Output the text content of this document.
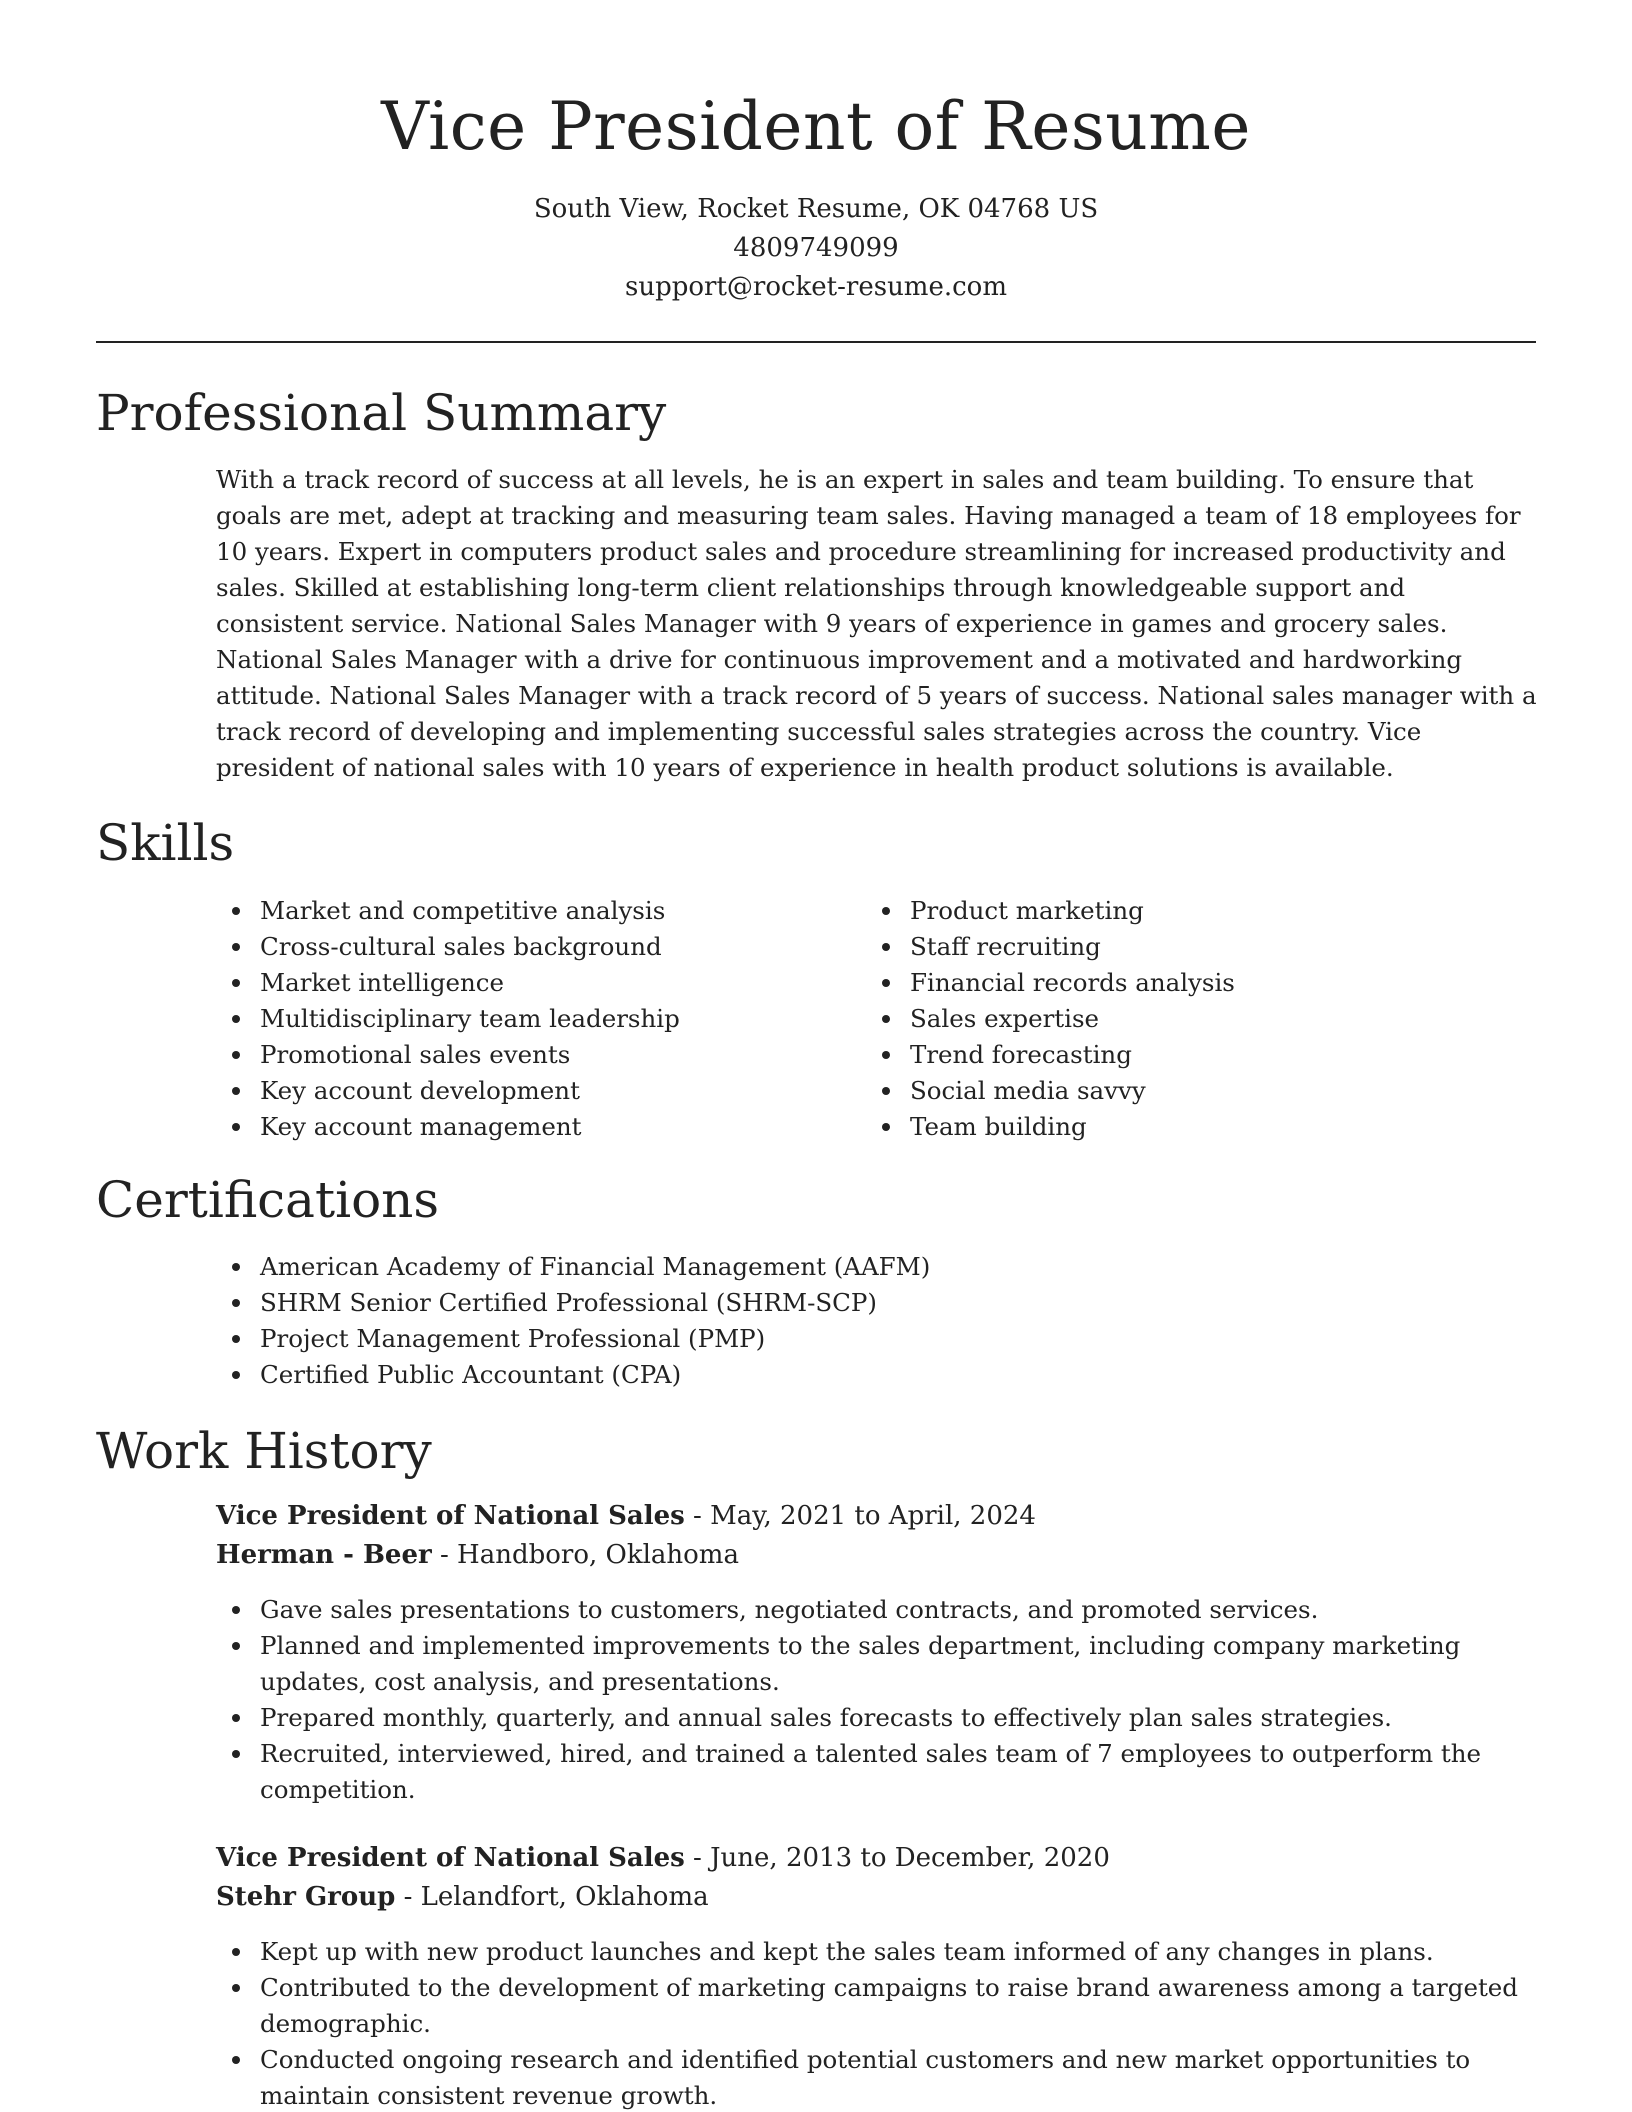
Vice President of Resume
South View, Rocket Resume, OK 04768 US
4809749099
support@rocket-resume.com
Professional Summary

With a track record of success at all levels, he is an expert in sales and team building. To ensure that goals are met, adept at tracking and measuring team sales. Having managed a team of 18 employees for 10 years. Expert in computers product sales and procedure streamlining for increased productivity and sales. Skilled at establishing long-term client relationships through knowledgeable support and consistent service. National Sales Manager with 9 years of experience in games and grocery sales. National Sales Manager with a drive for continuous improvement and a motivated and hardworking attitude. National Sales Manager with a track record of 5 years of success. National sales manager with a track record of developing and implementing successful sales strategies across the country. Vice president of national sales with 10 years of experience in health product solutions is available.

Skills
Market and competitive analysis
Cross-cultural sales background
Market intelligence
Multidisciplinary team leadership
Promotional sales events
Key account development
Key account management
Product marketing
Staff recruiting
Financial records analysis
Sales expertise
Trend forecasting
Social media savvy
Team building
Certifications
American Academy of Financial Management (AAFM)
SHRM Senior Certified Professional (SHRM-SCP)
Project Management Professional (PMP)
Certified Public Accountant (CPA)
Work History
Vice President of National Sales - May, 2021 to April, 2024
Herman - Beer - Handboro, Oklahoma
Gave sales presentations to customers, negotiated contracts, and promoted services.
Planned and implemented improvements to the sales department, including company marketing updates, cost analysis, and presentations.
Prepared monthly, quarterly, and annual sales forecasts to effectively plan sales strategies.
Recruited, interviewed, hired, and trained a talented sales team of 7 employees to outperform the competition.
Vice President of National Sales - June, 2013 to December, 2020
Stehr Group - Lelandfort, Oklahoma
Kept up with new product launches and kept the sales team informed of any changes in plans.
Contributed to the development of marketing campaigns to raise brand awareness among a targeted demographic.
Conducted ongoing research and identified potential customers and new market opportunities to maintain consistent revenue growth.
